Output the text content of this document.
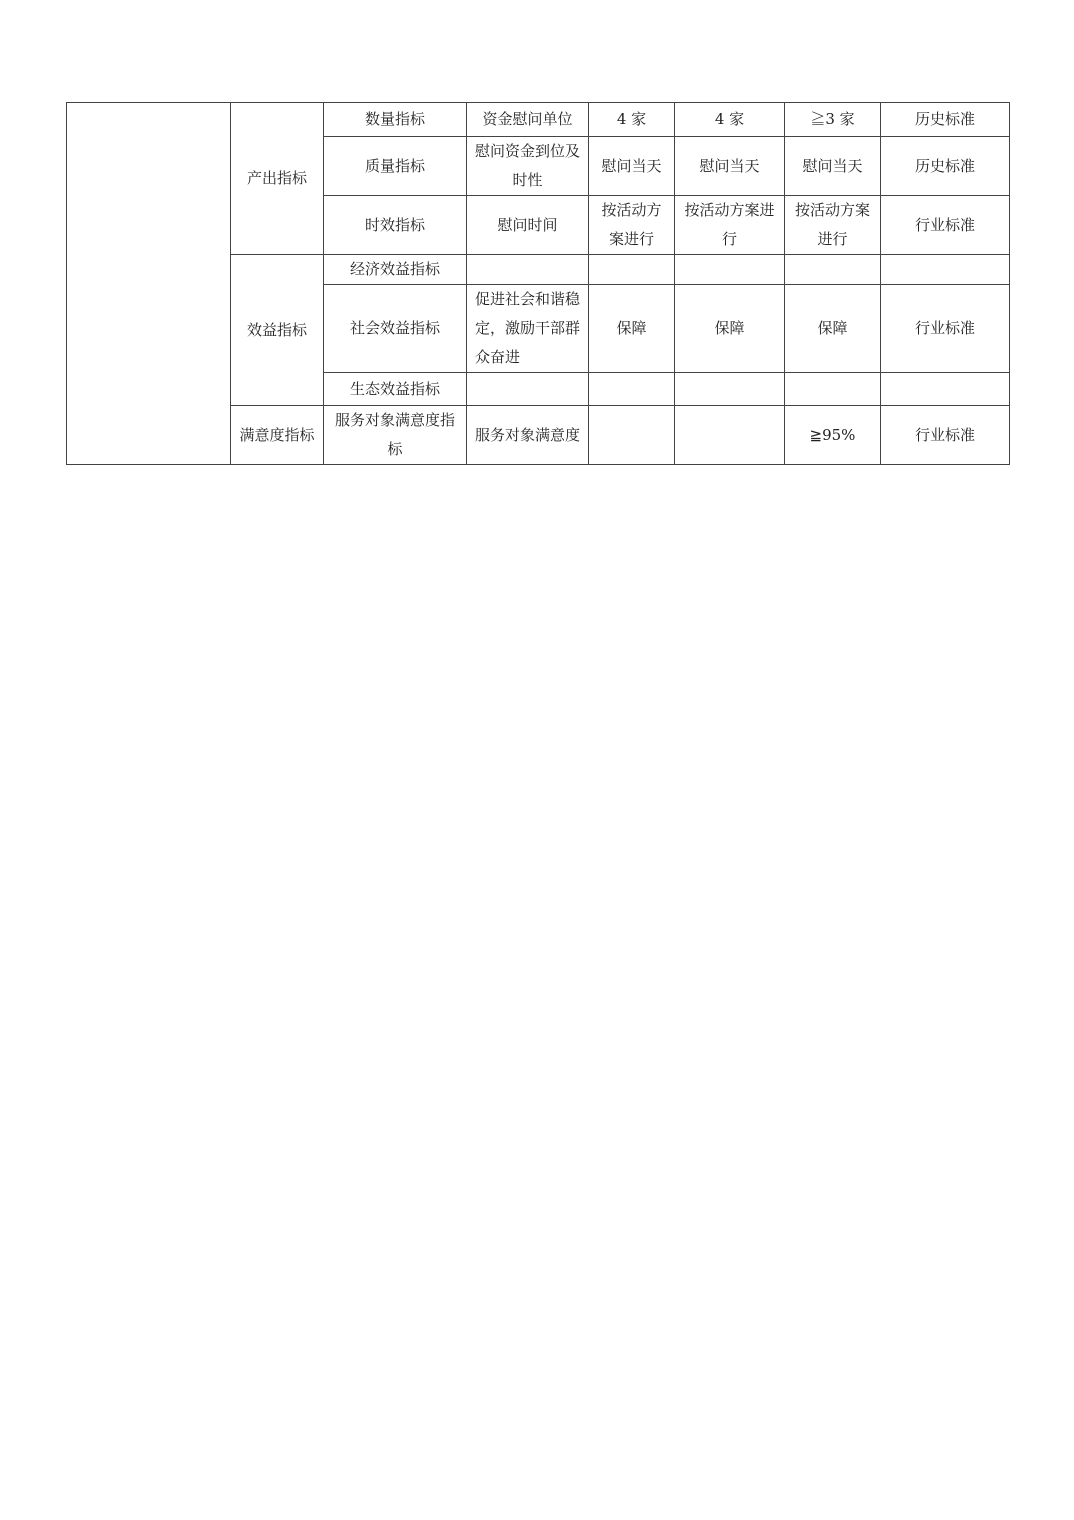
	产出指标	数量指标	资金慰问单位	4 家	4 家	≧3 家	历史标准
		质量指标	慰问资金到位及时性	慰问当天	慰问当天	慰问当天	历史标准
		时效指标	慰问时间	按活动方案进行	按活动方案进行	按活动方案进行	行业标准
	效益指标	经济效益指标					
		社会效益指标	促进社会和谐稳定，激励干部群众奋进	保障	保障	保障	行业标准
		生态效益指标					
	满意度指标	服务对象满意度指标	服务对象满意度			≧95%	行业标准
